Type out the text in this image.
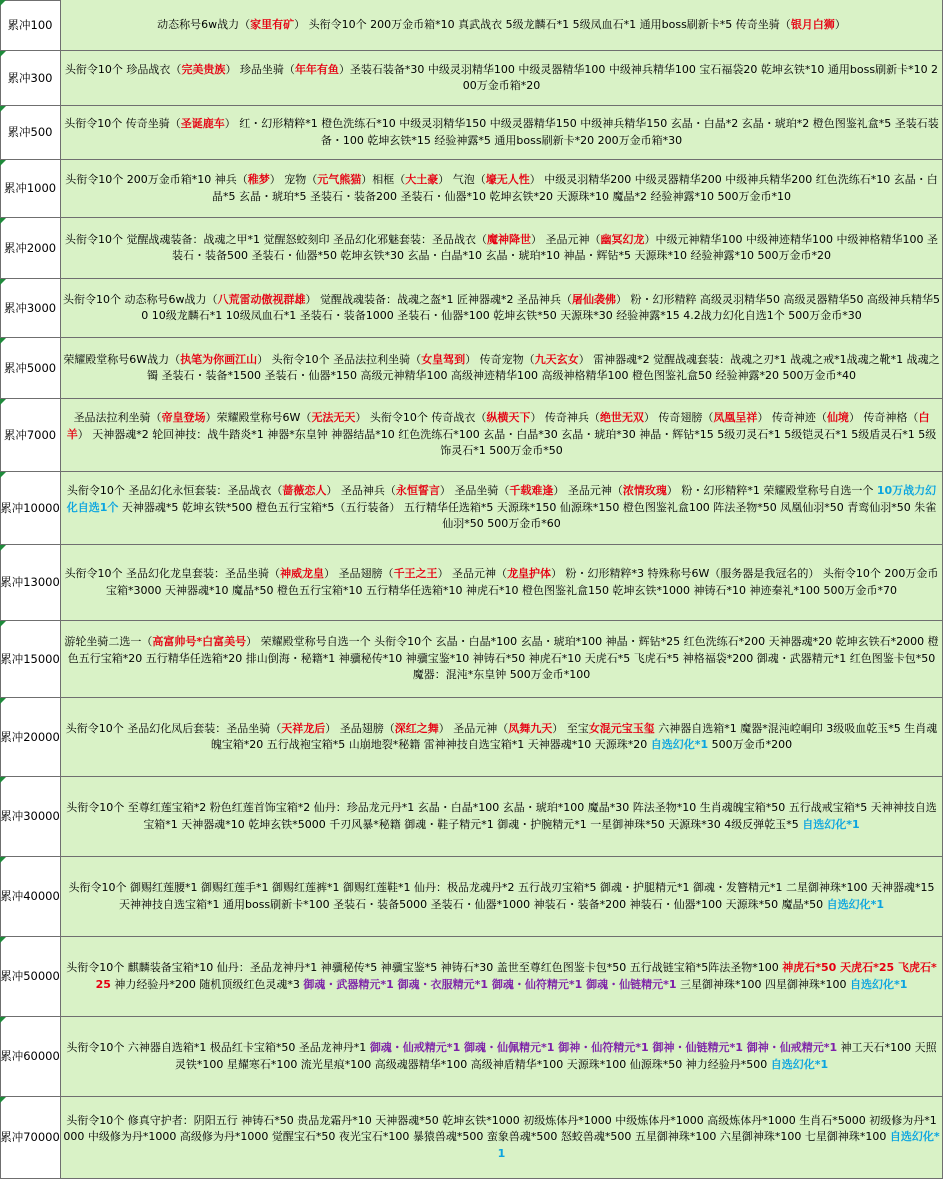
累冲100	动态称号6w战力（家里有矿） 头衔令10个 200万金币箱*10 真武战衣 5级龙麟石*1 5级凤血石*1 通用boss刷新卡*5 传奇坐骑（银月白狮）

累冲300

头衔令10个 珍品战衣（完美贵族） 珍品坐骑（年年有鱼）圣装石装备*30 中级灵羽精华100 中级灵器精华100 中级神兵精华100 宝石福袋20 乾坤玄铁*10 通用boss刷新卡*10 200万金币箱*20

累冲500

头衔令10个 传奇坐骑（圣诞鹿车） 红・幻形精粹*1 橙色洗练石*10 中级灵羽精华150 中级灵器精华150 中级神兵精华150 玄晶・白晶*2 玄晶・琥珀*2 橙色图鉴礼盒*5 圣装石装备・100 乾坤玄铁*15 经验神露*5 通用boss刷新卡*20 200万金币箱*30

累冲1000

头衔令10个 200万金币箱*10 神兵（稚梦） 宠物（元气熊猫）相框（大土豪） 气泡（壕无人性） 中级灵羽精华200 中级灵器精华200 中级神兵精华200 红色洗练石*10 玄晶・白晶*5 玄晶・琥珀*5 圣装石・装备200 圣装石・仙器*10 乾坤玄铁*20 天源珠*10 魔晶*2 经验神露*10 500万金币*10

累冲2000

头衔令10个 觉醒战魂装备：战魂之甲*1 觉醒怒蛟刻印 圣品幻化邪魅套装：圣品战衣（魔神降世） 圣品元神（幽冥幻龙）中级元神精华100 中级神迹精华100 中级神格精华100 圣装石・装备500 圣装石・仙器*50 乾坤玄铁*30 玄晶・白晶*10 玄晶・琥珀*10 神晶・辉钻*5 天源珠*10 经验神露*10 500万金币*20

累冲3000

头衔令10个 动态称号6w战力（八荒雷动傲视群雄） 觉醒战魂装备：战魂之盔*1 匠神器魂*2 圣品神兵（屠仙袭佛） 粉・幻形精粹 高级灵羽精华50 高级灵器精华50 高级神兵精华50 10级龙麟石*1 10级凤血石*1 圣装石・装备1000 圣装石・仙器*100 乾坤玄铁*50 天源珠*30 经验神露*15 4.2战力幻化自选1个 500万金币*30

累冲5000

荣耀殿堂称号6W战力（执笔为你画江山） 头衔令10个 圣品法拉利坐骑（女皇驾到） 传奇宠物（九天玄女） 雷神器魂*2 觉醒战魂套装：战魂之刃*1 战魂之戒*1战魂之靴*1 战魂之镯 圣装石・装备*1500 圣装石・仙器*150 高级元神精华100 高级神迹精华100 高级神格精华100 橙色图鉴礼盒50 经验神露*20 500万金币*40

累冲7000

圣品法拉利坐骑（帝皇登场）荣耀殿堂称号6W（无法无天） 头衔令10个 传奇战衣（纵横天下） 传奇神兵（绝世无双） 传奇翅膀（凤凰呈祥） 传奇神迹（仙境） 传奇神格（白羊） 天神器魂*2 轮回神技：战牛踏炎*1 神器*东皇钟 神器结晶*10 红色洗练石*100 玄晶・白晶*30 玄晶・琥珀*30 神晶・辉钻*15 5级刃灵石*1 5级铠灵石*1 5级盾灵石*1 5级饰灵石*1 500万金币*50

累冲10000

头衔令10个 圣品幻化永恒套装：圣品战衣（蔷薇恋人） 圣品神兵（永恒誓言） 圣品坐骑（千载难逢） 圣品元神（浓情玫瑰） 粉・幻形精粹*1 荣耀殿堂称号自选一个 10万战力幻化自选1个 天神器魂*5 乾坤玄铁*500 橙色五行宝箱*5（五行装备） 五行精华任选箱*5 天源珠*150 仙源珠*150 橙色图鉴礼盒100 阵法圣物*50 凤凰仙羽*50 青鸾仙羽*50 朱雀仙羽*50 500万金币*60

累冲13000

头衔令10个 圣品幻化龙皇套装：圣品坐骑（神威龙皇） 圣品翅膀（千王之王） 圣品元神（龙皇护体） 粉・幻形精粹*3 特殊称号6W（服务器是我冠名的） 头衔令10个 200万金币宝箱*3000 天神器魂*10 魔晶*50 橙色五行宝箱*10 五行精华任选箱*10 神虎石*10 橙色图鉴礼盒150 乾坤玄铁*1000 神铸石*10 神迹秦礼*100 500万金币*70

累冲15000

游轮坐骑二选一（高富帅号*白富美号） 荣耀殿堂称号自选一个 头衔令10个 玄晶・白晶*100 玄晶・琥珀*100 神晶・辉钻*25 红色洗练石*200 天神器魂*20 乾坤玄铁石*2000 橙色五行宝箱*20 五行精华任选箱*20 排山倒海・秘籍*1 神骥秘传*10 神骥宝鉴*10 神铸石*50 神虎石*10 天虎石*5 飞虎石*5 神格福袋*200 御魂・武器精元*1 红色图鉴卡包*50 魔器：混沌*东皇钟 500万金币*100

累冲20000

头衔令10个 圣品幻化凤后套装：圣品坐骑（天祥龙后） 圣品翅膀（深红之舞） 圣品元神（凤舞九天） 至宝女混元宝玉玺 六神器自选箱*1 魔器*混沌崆峒印 3级吸血乾玉*5 生肖魂魄宝箱*20 五行战袍宝箱*5 山崩地裂*秘籍 雷神神技自选宝箱*1 天神器魂*10 天源珠*20 自选幻化*1 500万金币*200

累冲30000

头衔令10个 至尊红莲宝箱*2 粉色红莲首饰宝箱*2 仙丹：珍品龙元丹*1 玄晶・白晶*100 玄晶・琥珀*100 魔晶*30 阵法圣物*10 生肖魂魄宝箱*50 五行战戒宝箱*5 天神神技自选宝箱*1 天神器魂*10 乾坤玄铁*5000 千刃风暴*秘籍 御魂・鞋子精元*1 御魂・护腕精元*1 一星御神珠*50 天源珠*30 4级反弹乾玉*5 自选幻化*1

累冲40000

头衔令10个 御赐红莲腰*1 御赐红莲手*1 御赐红莲裤*1 御赐红莲鞋*1 仙丹：极品龙魂丹*2 五行战刃宝箱*5 御魂・护腿精元*1 御魂・发簪精元*1 二星御神珠*100 天神器魂*15 天神神技自选宝箱*1 通用boss刷新卡*100 圣装石・装备5000 圣装石・仙器*1000 神装石・装备*200 神装石・仙器*100 天源珠*50 魔晶*50 自选幻化*1

累冲50000

头衔令10个 麒麟装备宝箱*10 仙丹：圣品龙神丹*1 神骥秘传*5 神骥宝鉴*5 神铸石*30 盖世至尊红色图鉴卡包*50 五行战链宝箱*5阵法圣物*100 神虎石*50 天虎石*25 飞虎石*25 神力经验丹*200 随机顶级红色灵魂*3 御魂・武器精元*1 御魂・衣服精元*1 御魂・仙符精元*1 御魂・仙链精元*1 三星御神珠*100 四星御神珠*100 自选幻化*1

累冲60000

头衔令10个 六神器自选箱*1 极品红卡宝箱*50 圣品龙神丹*1 御魂・仙戒精元*1 御魂・仙佩精元*1 御神・仙符精元*1 御神・仙链精元*1 御神・仙戒精元*1 神工天石*100 天照灵铁*100 星耀寒石*100 流光星痕*100 高级魂器精华*100 高级神盾精华*100 天源珠*100 仙源珠*50 神力经验丹*500 自选幻化*1

累冲70000

头衔令10个 修真守护者：阴阳五行 神铸石*50 贵品龙霜丹*10 天神器魂*50 乾坤玄铁*1000 初级炼体丹*1000 中级炼体丹*1000 高级炼体丹*1000 生肖石*5000 初级修为丹*1000 中级修为丹*1000 高级修为丹*1000 觉醒宝石*50 夜光宝石*100 暴猿兽魂*500 蛮象兽魂*500 怒蛟兽魂*500 五星御神珠*100 六星御神珠*100 七星御神珠*100 自选幻化*1
